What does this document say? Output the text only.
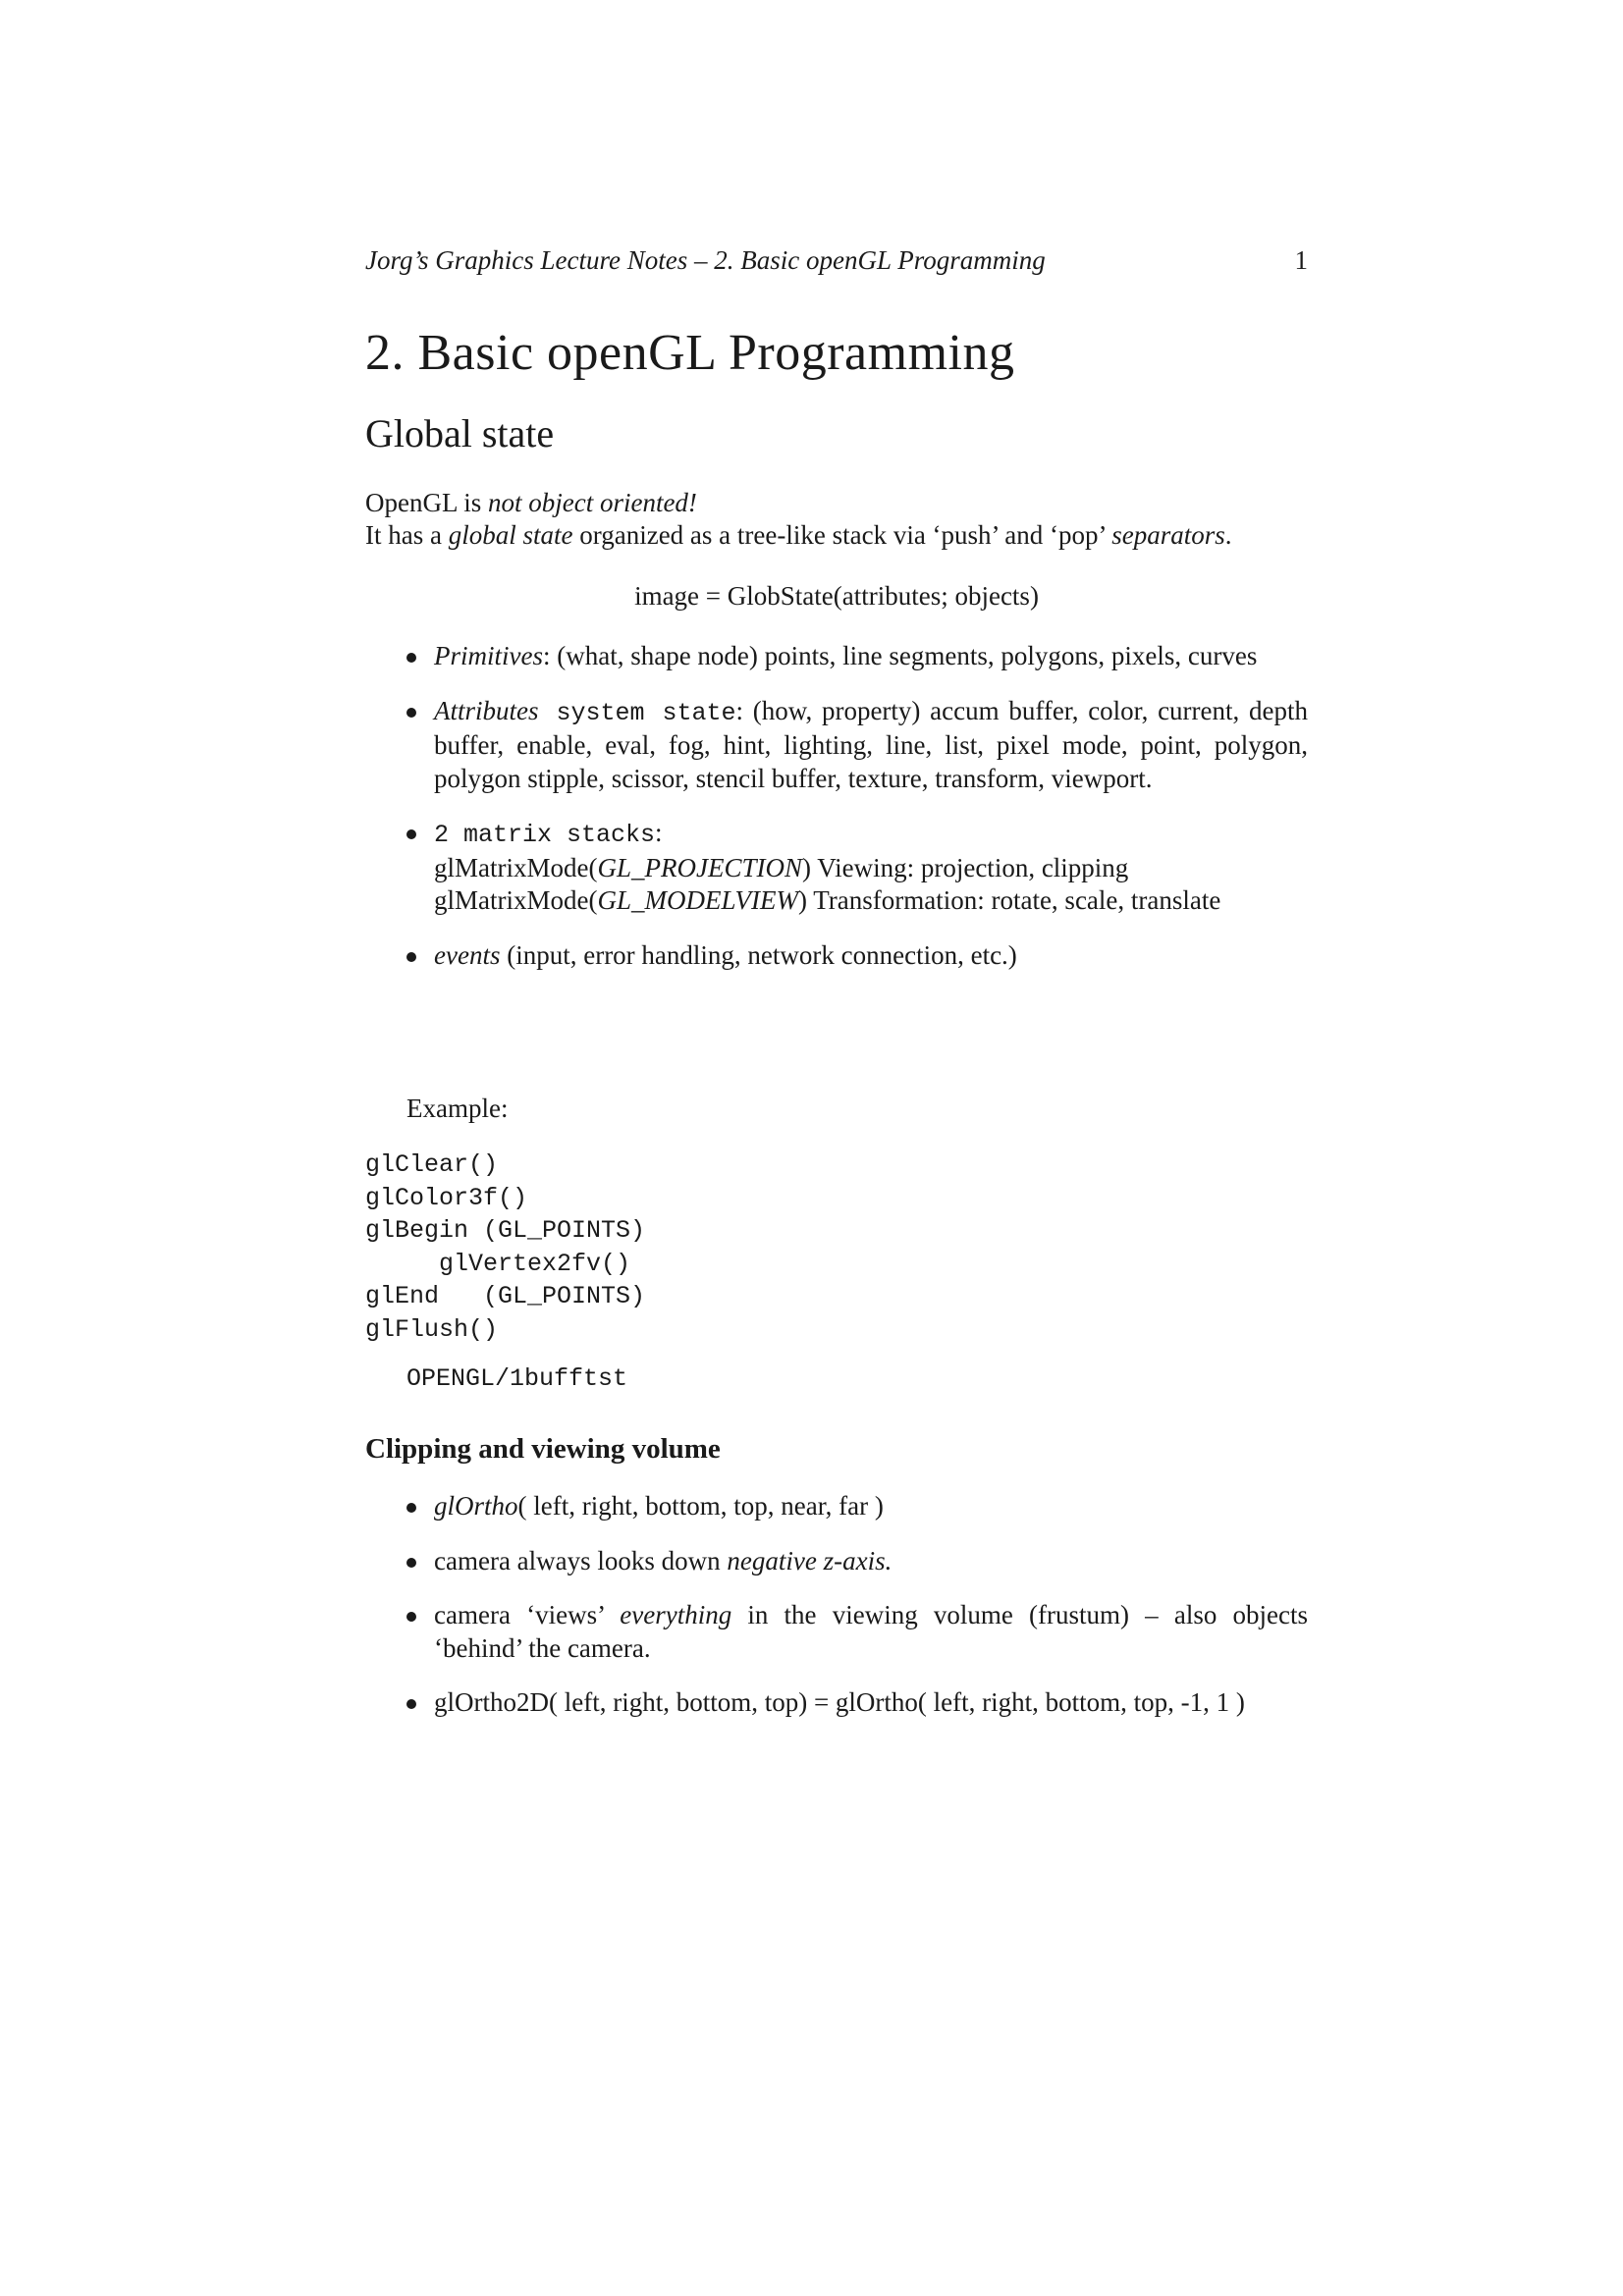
Jorg’s Graphics Lecture Notes – 2. Basic openGL Programming	1
2. Basic openGL Programming
Global state

OpenGL is not object oriented!

It has a global state organized as a tree-like stack via ‘push’ and ‘pop’ separators.

image = GlobState(attributes; objects)
Primitives: (what, shape node) points, line segments, polygons, pixels, curves
Attributes system state: (how, property) accum buffer, color, current, depth buffer, enable, eval, fog, hint, lighting, line, list, pixel mode, point, polygon, polygon stipple, scissor, stencil buffer, texture, transform, viewport.
2 matrix stacks:
glMatrixMode(GL_PROJECTION) Viewing: projection, clipping
glMatrixMode(GL_MODELVIEW) Transformation: rotate, scale, translate
events (input, error handling, network connection, etc.)
Example:
glClear()
glColor3f()
glBegin (GL_POINTS)
glVertex2fv()
glEnd   (GL_POINTS)
glFlush()
OPENGL/1bufftst
Clipping and viewing volume
glOrtho( left, right, bottom, top, near, far )
camera always looks down negative z-axis.
camera ‘views’ everything in the viewing volume (frustum) – also objects ‘behind’ the camera.
glOrtho2D( left, right, bottom, top) = glOrtho( left, right, bottom, top, -1, 1 )
